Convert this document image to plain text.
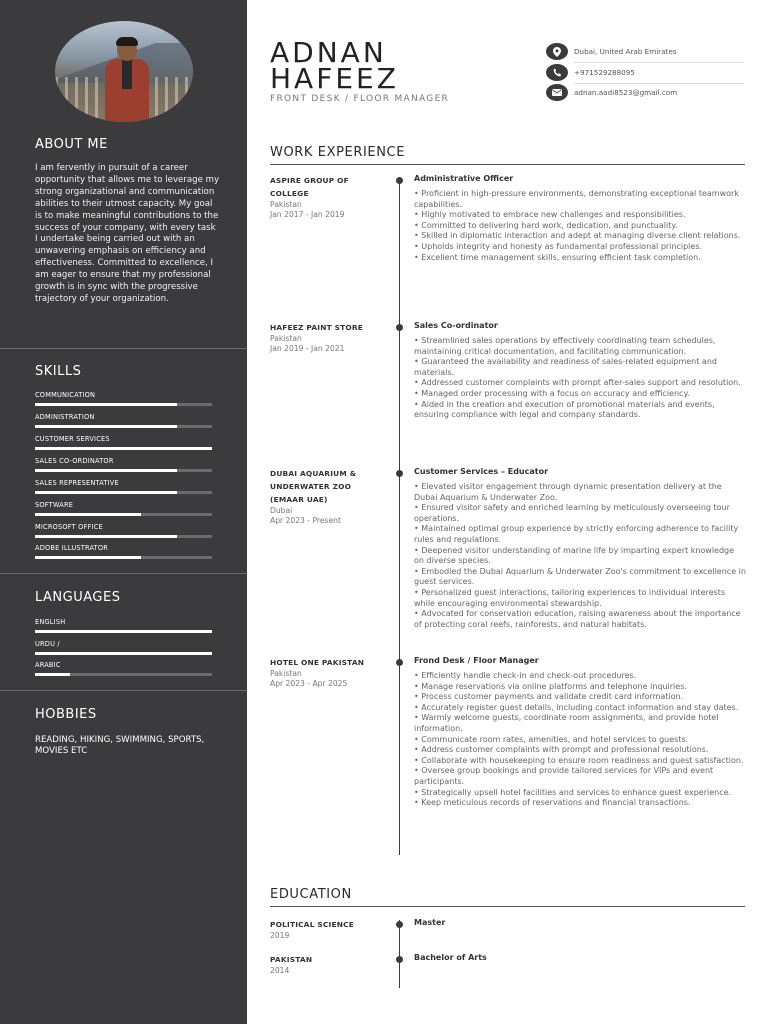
ABOUT ME
I am fervently in pursuit of a career opportunity that allows me to leverage my strong organizational and communication abilities to their utmost capacity. My goal is to make meaningful contributions to the success of your company, with every task I undertake being carried out with an unwavering emphasis on efficiency and effectiveness. Committed to excellence, I am eager to ensure that my professional growth is in sync with the progressive trajectory of your organization.
SKILLS
COMMUNICATION
ADMINISTRATION
CUSTOMER SERVICES
SALES CO-ORDINATOR
SALES REPRESENTATIVE
SOFTWARE
MICROSOFT OFFICE
ADOBE ILLUSTRATOR
LANGUAGES
ENGLISH
URDU /
ARABIC
HOBBIES
READING, HIKING, SWIMMING, SPORTS, MOVIES ETC
ADNAN
HAFEEZ
FRONT DESK / FLOOR MANAGER
Dubai, United Arab Emirates
+971529288095
adnan.aadi8523@gmail.com
WORK EXPERIENCE
ASPIRE GROUP OF COLLEGE
Pakistan
Jan 2017 - Jan 2019
Administrative Officer
• Proficient in high-pressure environments, demonstrating exceptional teamwork capabilities.
• Highly motivated to embrace new challenges and responsibilities.
• Committed to delivering hard work, dedication, and punctuality.
• Skilled in diplomatic interaction and adept at managing diverse client relations.
• Upholds integrity and honesty as fundamental professional principles.
• Excellent time management skills, ensuring efficient task completion.
HAFEEZ PAINT STORE
Pakistan
Jan 2019 - Jan 2021
Sales Co-ordinator
• Streamlined sales operations by effectively coordinating team schedules, maintaining critical documentation, and facilitating communication.
• Guaranteed the availability and readiness of sales-related equipment and materials.
• Addressed customer complaints with prompt after-sales support and resolution.
• Managed order processing with a focus on accuracy and efficiency.
• Aided in the creation and execution of promotional materials and events, ensuring compliance with legal and company standards.
DUBAI AQUARIUM & UNDERWATER ZOO (EMAAR UAE)
Dubai
Apr 2023 - Present
Customer Services – Educator
• Elevated visitor engagement through dynamic presentation delivery at the Dubai Aquarium & Underwater Zoo.
• Ensured visitor safety and enriched learning by meticulously overseeing tour operations.
• Maintained optimal group experience by strictly enforcing adherence to facility rules and regulations.
• Deepened visitor understanding of marine life by imparting expert knowledge on diverse species.
• Embodied the Dubai Aquarium & Underwater Zoo's commitment to excellence in guest services.
• Personalized guest interactions, tailoring experiences to individual interests while encouraging environmental stewardship.
• Advocated for conservation education, raising awareness about the importance of protecting coral reefs, rainforests, and natural habitats.
HOTEL ONE PAKISTAN
Pakistan
Apr 2023 - Apr 2025
Frond Desk / Floor Manager
• Efficiently handle check-in and check-out procedures.
• Manage reservations via online platforms and telephone inquiries.
• Process customer payments and validate credit card information.
• Accurately register guest details, including contact information and stay dates.
• Warmly welcome guests, coordinate room assignments, and provide hotel information.
• Communicate room rates, amenities, and hotel services to guests.
• Address customer complaints with prompt and professional resolutions.
• Collaborate with housekeeping to ensure room readiness and guest satisfaction.
• Oversee group bookings and provide tailored services for VIPs and event participants.
• Strategically upsell hotel facilities and services to enhance guest experience.
• Keep meticulous records of reservations and financial transactions.
EDUCATION
POLITICAL SCIENCE
2019
Master
PAKISTAN
2014
Bachelor of Arts
